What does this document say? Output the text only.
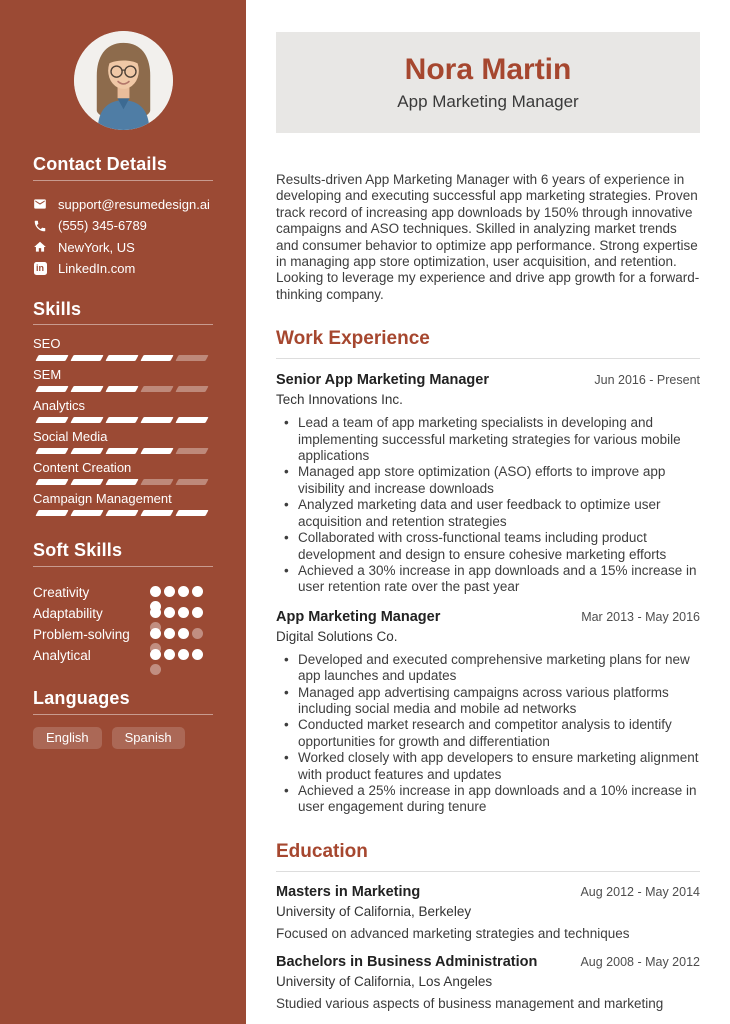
Contact Details
support@resumedesign.ai
(555) 345-6789
NewYork, US
in LinkedIn.com
Skills
SEO
SEM
Analytics
Social Media
Content Creation
Campaign Management
Soft Skills
Creativity
Adaptability
Problem-solving
Analytical
Languages
English	Spanish
Nora Martin
App Marketing Manager

Results-driven App Marketing Manager with 6 years of experience in developing and executing successful app marketing strategies. Proven track record of increasing app downloads by 150% through innovative campaigns and ASO techniques. Skilled in analyzing market trends and consumer behavior to optimize app performance. Strong expertise in managing app store optimization, user acquisition, and retention. Looking to leverage my experience and drive app growth for a forward-thinking company.

Work Experience
Senior App Marketing Manager	Jun 2016 - Present
Tech Innovations Inc.
• Lead a team of app marketing specialists in developing and implementing successful marketing strategies for various mobile applications
• Managed app store optimization (ASO) efforts to improve app visibility and increase downloads
• Analyzed marketing data and user feedback to optimize user acquisition and retention strategies
• Collaborated with cross-functional teams including product development and design to ensure cohesive marketing efforts
• Achieved a 30% increase in app downloads and a 15% increase in user retention rate over the past year
App Marketing Manager	Mar 2013 - May 2016
Digital Solutions Co.
• Developed and executed comprehensive marketing plans for new app launches and updates
• Managed app advertising campaigns across various platforms including social media and mobile ad networks
• Conducted market research and competitor analysis to identify opportunities for growth and differentiation
• Worked closely with app developers to ensure marketing alignment with product features and updates
• Achieved a 25% increase in app downloads and a 10% increase in user engagement during tenure
Education
Masters in Marketing	Aug 2012 - May 2014
University of California, Berkeley
Focused on advanced marketing strategies and techniques
Bachelors in Business Administration	Aug 2008 - May 2012
University of California, Los Angeles
Studied various aspects of business management and marketing
